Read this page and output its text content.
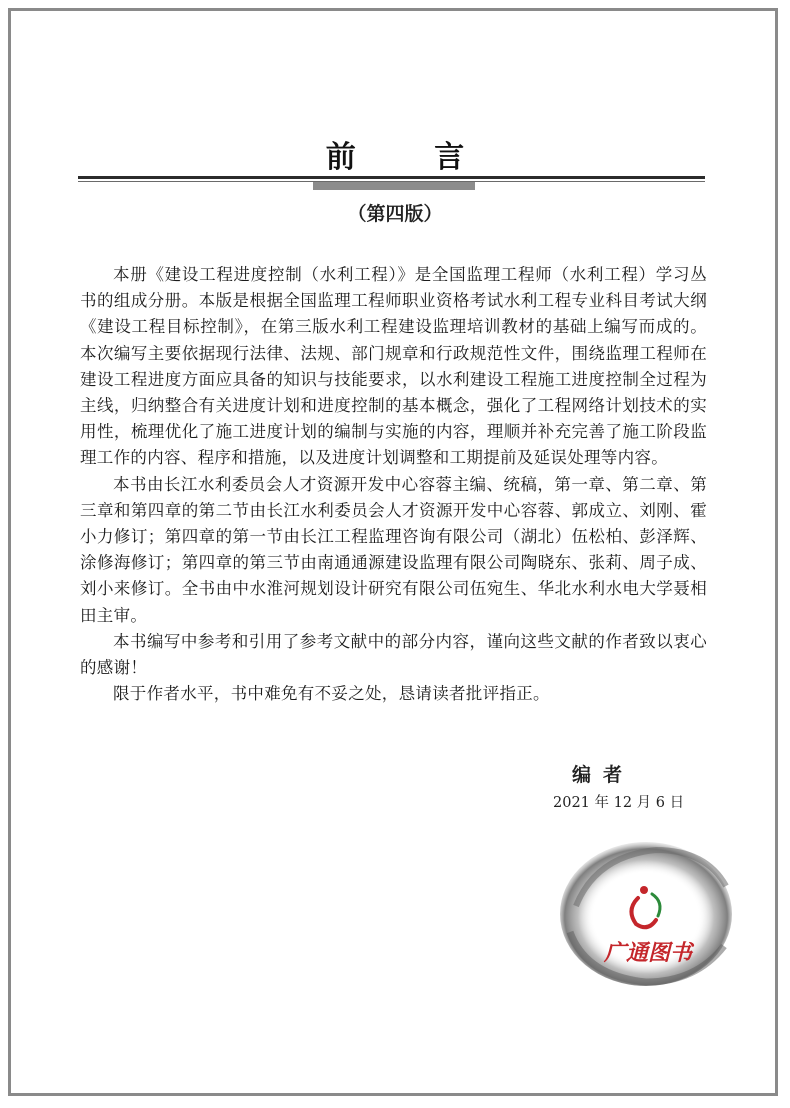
前 言
（第四版）

本册《建设工程进度控制（水利工程）》是全国监理工程师（水利工程）学习丛书的组成分册。本版是根据全国监理工程师职业资格考试水利工程专业科目考试大纲《建设工程目标控制》，在第三版水利工程建设监理培训教材的基础上编写而成的。本次编写主要依据现行法律、法规、部门规章和行政规范性文件，围绕监理工程师在建设工程进度方面应具备的知识与技能要求，以水利建设工程施工进度控制全过程为主线，归纳整合有关进度计划和进度控制的基本概念，强化了工程网络计划技术的实用性，梳理优化了施工进度计划的编制与实施的内容，理顺并补充完善了施工阶段监理工作的内容、程序和措施，以及进度计划调整和工期提前及延误处理等内容。

本书由长江水利委员会人才资源开发中心容蓉主编、统稿，第一章、第二章、第三章和第四章的第二节由长江水利委员会人才资源开发中心容蓉、郭成立、刘刚、霍小力修订；第四章的第一节由长江工程监理咨询有限公司（湖北）伍松柏、彭泽辉、涂修海修订；第四章的第三节由南通通源建设监理有限公司陶晓东、张莉、周子成、刘小来修订。全书由中水淮河规划设计研究有限公司伍宛生、华北水利水电大学聂相田主审。

本书编写中参考和引用了参考文献中的部分内容，谨向这些文献的作者致以衷心的感谢！

限于作者水平，书中难免有不妥之处，恳请读者批评指正。

编者
2021 年 12 月 6 日
广通图书
